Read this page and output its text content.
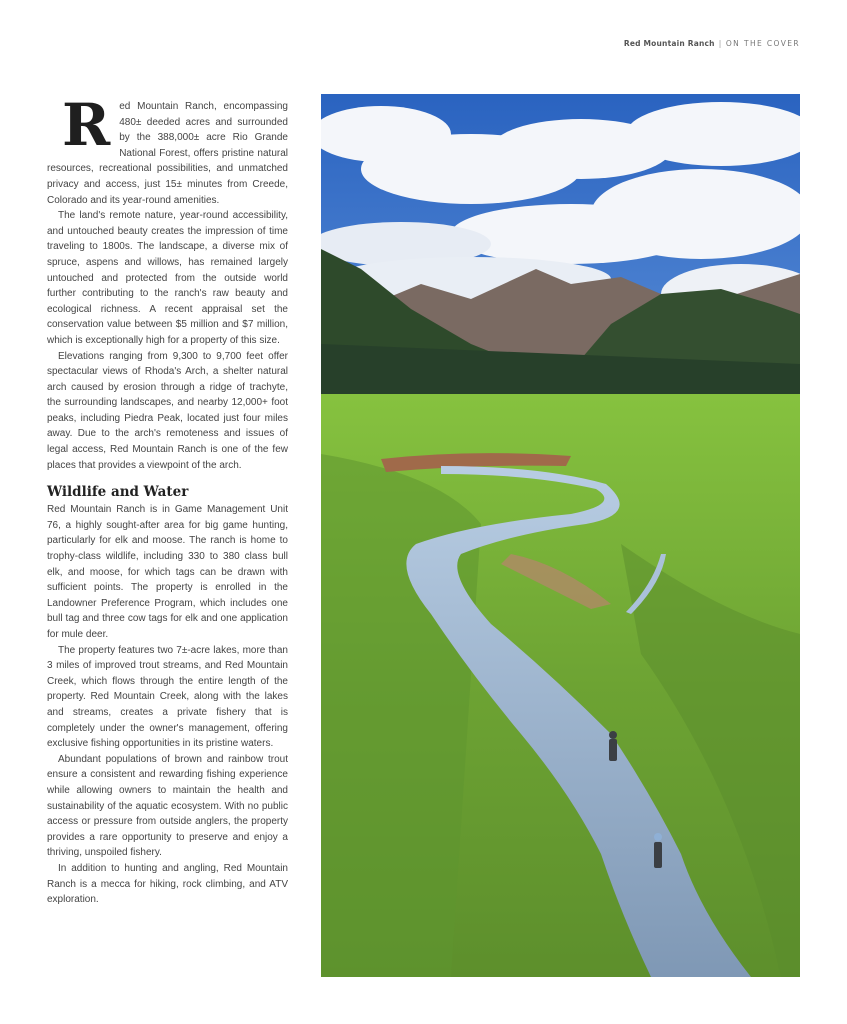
Red Mountain Ranch | ON THE COVER

R ed Mountain Ranch, encompassing 480± deeded acres and surrounded by the 388,000± acre Rio Grande National Forest, offers pristine natural resources, recreational possibilities, and unmatched privacy and access, just 15± minutes from Creede, Colorado and its year-round amenities.

The land's remote nature, year-round accessibility, and untouched beauty creates the impression of time traveling to 1800s. The landscape, a diverse mix of spruce, aspens and willows, has remained largely untouched and protected from the outside world further contributing to the ranch's raw beauty and ecological richness. A recent appraisal set the conservation value between $5 million and $7 million, which is exceptionally high for a property of this size.

Elevations ranging from 9,300 to 9,700 feet offer spectacular views of Rhoda's Arch, a shelter natural arch caused by erosion through a ridge of trachyte, the surrounding landscapes, and nearby 12,000+ foot peaks, including Piedra Peak, located just four miles away. Due to the arch's remoteness and issues of legal access, Red Mountain Ranch is one of the few places that provides a viewpoint of the arch.

Wildlife and Water

Red Mountain Ranch is in Game Management Unit 76, a highly sought-after area for big game hunting, particularly for elk and moose. The ranch is home to trophy-class wildlife, including 330 to 380 class bull elk, and moose, for which tags can be drawn with sufficient points. The property is enrolled in the Landowner Preference Program, which includes one bull tag and three cow tags for elk and one application for mule deer.

The property features two 7±-acre lakes, more than 3 miles of improved trout streams, and Red Mountain Creek, which flows through the entire length of the property. Red Mountain Creek, along with the lakes and streams, creates a private fishery that is completely under the owner's management, offering exclusive fishing opportunities in its pristine waters.

Abundant populations of brown and rainbow trout ensure a consistent and rewarding fishing experience while allowing owners to maintain the health and sustainability of the aquatic ecosystem. With no public access or pressure from outside anglers, the property provides a rare opportunity to preserve and enjoy a thriving, unspoiled fishery.

In addition to hunting and angling, Red Mountain Ranch is a mecca for hiking, rock climbing, and ATV exploration.
